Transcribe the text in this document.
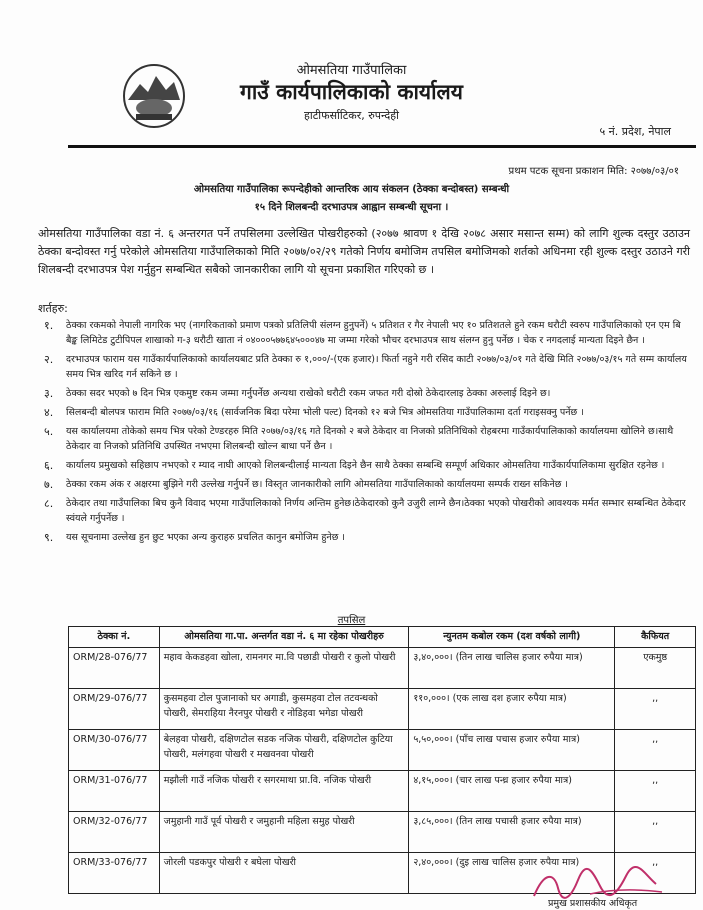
ओमसतिया गाउँपालिका
गाउँ कार्यपालिकाको कार्यालय
हाटीफर्साटिकर, रुपन्देही
५ नं. प्रदेश, नेपाल
प्रथम पटक सूचना प्रकाशन मिति: २०७७/०३/०१
ओमसतिया गाउँपालिका रूपन्देहीको आन्तरिक आय संकलन (ठेक्का बन्दोबस्त) सम्बन्धी
१५ दिने शिलबन्दी दरभाउपत्र आह्वान सम्बन्धी सूचना ।
ओमसतिया गाउँपालिका वडा नं. ६ अन्तरगत पर्ने तपसिलमा उल्लेखित पोखरीहरुको (२०७७ श्रावण १ देखि २०७८ असार मसान्त सम्म) को लागि शुल्क दस्तुर उठाउन ठेक्का बन्दोवस्त गर्नु परेकोले ओमसतिया गाउँपालिकाको मिति २०७७/०२/२९ गतेको निर्णय बमोजिम तपसिल बमोजिमको शर्तको अधिनमा रही शुल्क दस्तुर उठाउने गरी शिलबन्दी दरभाउपत्र पेश गर्नुहुन सम्बन्धित सबैको जानकारीका लागि यो सूचना प्रकाशित गरिएको छ ।
शर्तहरु:
१. ठेक्का रकमको नेपाली नागरिक भए (नागरिकताको प्रमाण पत्रको प्रतिलिपी संलग्न हुनुपर्ने) ५ प्रतिशत र गैर नेपाली भए १० प्रतिशतले हुने रकम धरौटी स्वरुप गाउँपालिकाको एन एम बि बैङ्क लिमिटेड टुटीपिपल शाखाको ग-३ धरौटी खाता नं ०४०००५७७६४५०००४७ मा जम्मा गरेको भौचर दरभाउपत्र साथ संलग्न हुनु पर्नेछ । चेक र नगदलाई मान्यता दिइने छैन ।
२. दरभाउपत्र फाराम यस गाउँकार्यपालिकाको कार्यालयबाट प्रति ठेक्का रु १,०००/-(एक हजार)। फिर्ता नहुने गरी रसिद काटी २०७७/०३/०१ गते देखि मिति २०७७/०३/१५ गते सम्म कार्यालय समय भित्र खरिद गर्न सकिने छ ।
३. ठेक्का सदर भएको ७ दिन भित्र एकमुष्ट रकम जम्मा गर्नुपर्नेछ अन्यथा राखेको धरौटी रकम जफत गरी दोस्रो ठेकेदारलाइ ठेक्का अरुलाई दिइने छ।
४. सिलबन्दी बोलपत्र फाराम मिति २०७७/०३/१६ (सार्वजनिक बिदा परेमा भोली पल्ट) दिनको १२ बजे भित्र ओमसतिया गाउँपालिकामा दर्ता गराइसक्नु पर्नेछ ।
५. यस कार्यालयमा तोकेको समय भित्र परेको टेण्डरहरु मिति २०७७/०३/१६ गते दिनको २ बजे ठेकेदार वा निजको प्रतिनिधिको रोहबरमा गाउँकार्यपालिकाको कार्यालयमा खोलिने छ।साथै ठेकेदार वा निजको प्रतिनिधि उपस्थित नभएमा शिलबन्दी खोल्न बाधा पर्ने छैन ।
६. कार्यालय प्रमुखको सहिछाप नभएको र म्याद नाघी आएको शिलबन्दीलाई मान्यता दिइने छैन साथै ठेक्का सम्बन्धि सम्पूर्ण अधिकार ओमसतिया गाउँकार्यपालिकामा सुरक्षित रहनेछ ।
७. ठेक्का रकम अंक र अक्षरमा बुझिने गरी उल्लेख गर्नुपर्ने छ। विस्तृत जानकारीको लागि ओमसतिया गाउँपालिकाको कार्यालयमा सम्पर्क राख्न सकिनेछ ।
८. ठेकेदार तथा गाउँपालिका बिच कुनै विवाद भएमा गाउँपालिकाको निर्णय अन्तिम हुनेछ।ठेकेदारको कुनै उजुरी लाग्ने छैन।ठेक्का भएको पोखरीको आवश्यक मर्मत सम्भार सम्बन्धित ठेकेदार स्वंयले गर्नुपर्नेछ ।
९. यस सूचनामा उल्लेख हुन छुट भएका अन्य कुराहरु प्रचलित कानुन बमोजिम हुनेछ ।
तपसिल
ठेक्का नं.	ओमसतिया गा.पा. अन्तर्गत वडा नं. ६ मा रहेका पोखरीहरु	न्युनतम कबोल रकम (दश वर्षको लागी)	कैफियत
ORM/28-076/77	महाव केकडहवा खोला, रामनगर मा.वि पछाडी पोखरी र कुलो पोखरी	३,४०,०००। (तिन लाख चालिस हजार रुपैया मात्र)	एकमुष्ठ
ORM/29-076/77	कुसमहवा टोल पुजानाको घर अगाडी, कुसमहवा टोल तटवन्धको पोखरी, सेमराहिया नैरनपुर पोखरी र नोडिहवा भगेडा पोखरी	११०,०००। (एक लाख दश हजार रुपैया मात्र)	,,
ORM/30-076/77	बेलहवा पोखरी, दक्षिणटोल सडक नजिक पोखरी, दक्षिणटोल कुटिया पोखरी, मलंगहवा पोखरी र मखवनवा पोखरी	५,५०,०००। (पाँच लाख पचास हजार रुपैया मात्र)	,,
ORM/31-076/77	मझौली गाउँ नजिक पोखरी र सगरमाथा प्रा.वि. नजिक पोखरी	४,१५,०००। (चार लाख पन्ध्र हजार रुपैया मात्र)	,,
ORM/32-076/77	जमुहानी गाउँ पूर्व पोखरी र जमुहानी महिला समुह पोखरी	३,८५,०००। (तिन लाख पचासी हजार रुपैया मात्र)	,,
ORM/33-076/77	जोरली पडकपुर पोखरी र बघेला पोखरी	२,४०,०००। (दुइ लाख चालिस हजार रुपैया मात्र)	,,
प्रमुख प्रशासकीय अधिकृत
